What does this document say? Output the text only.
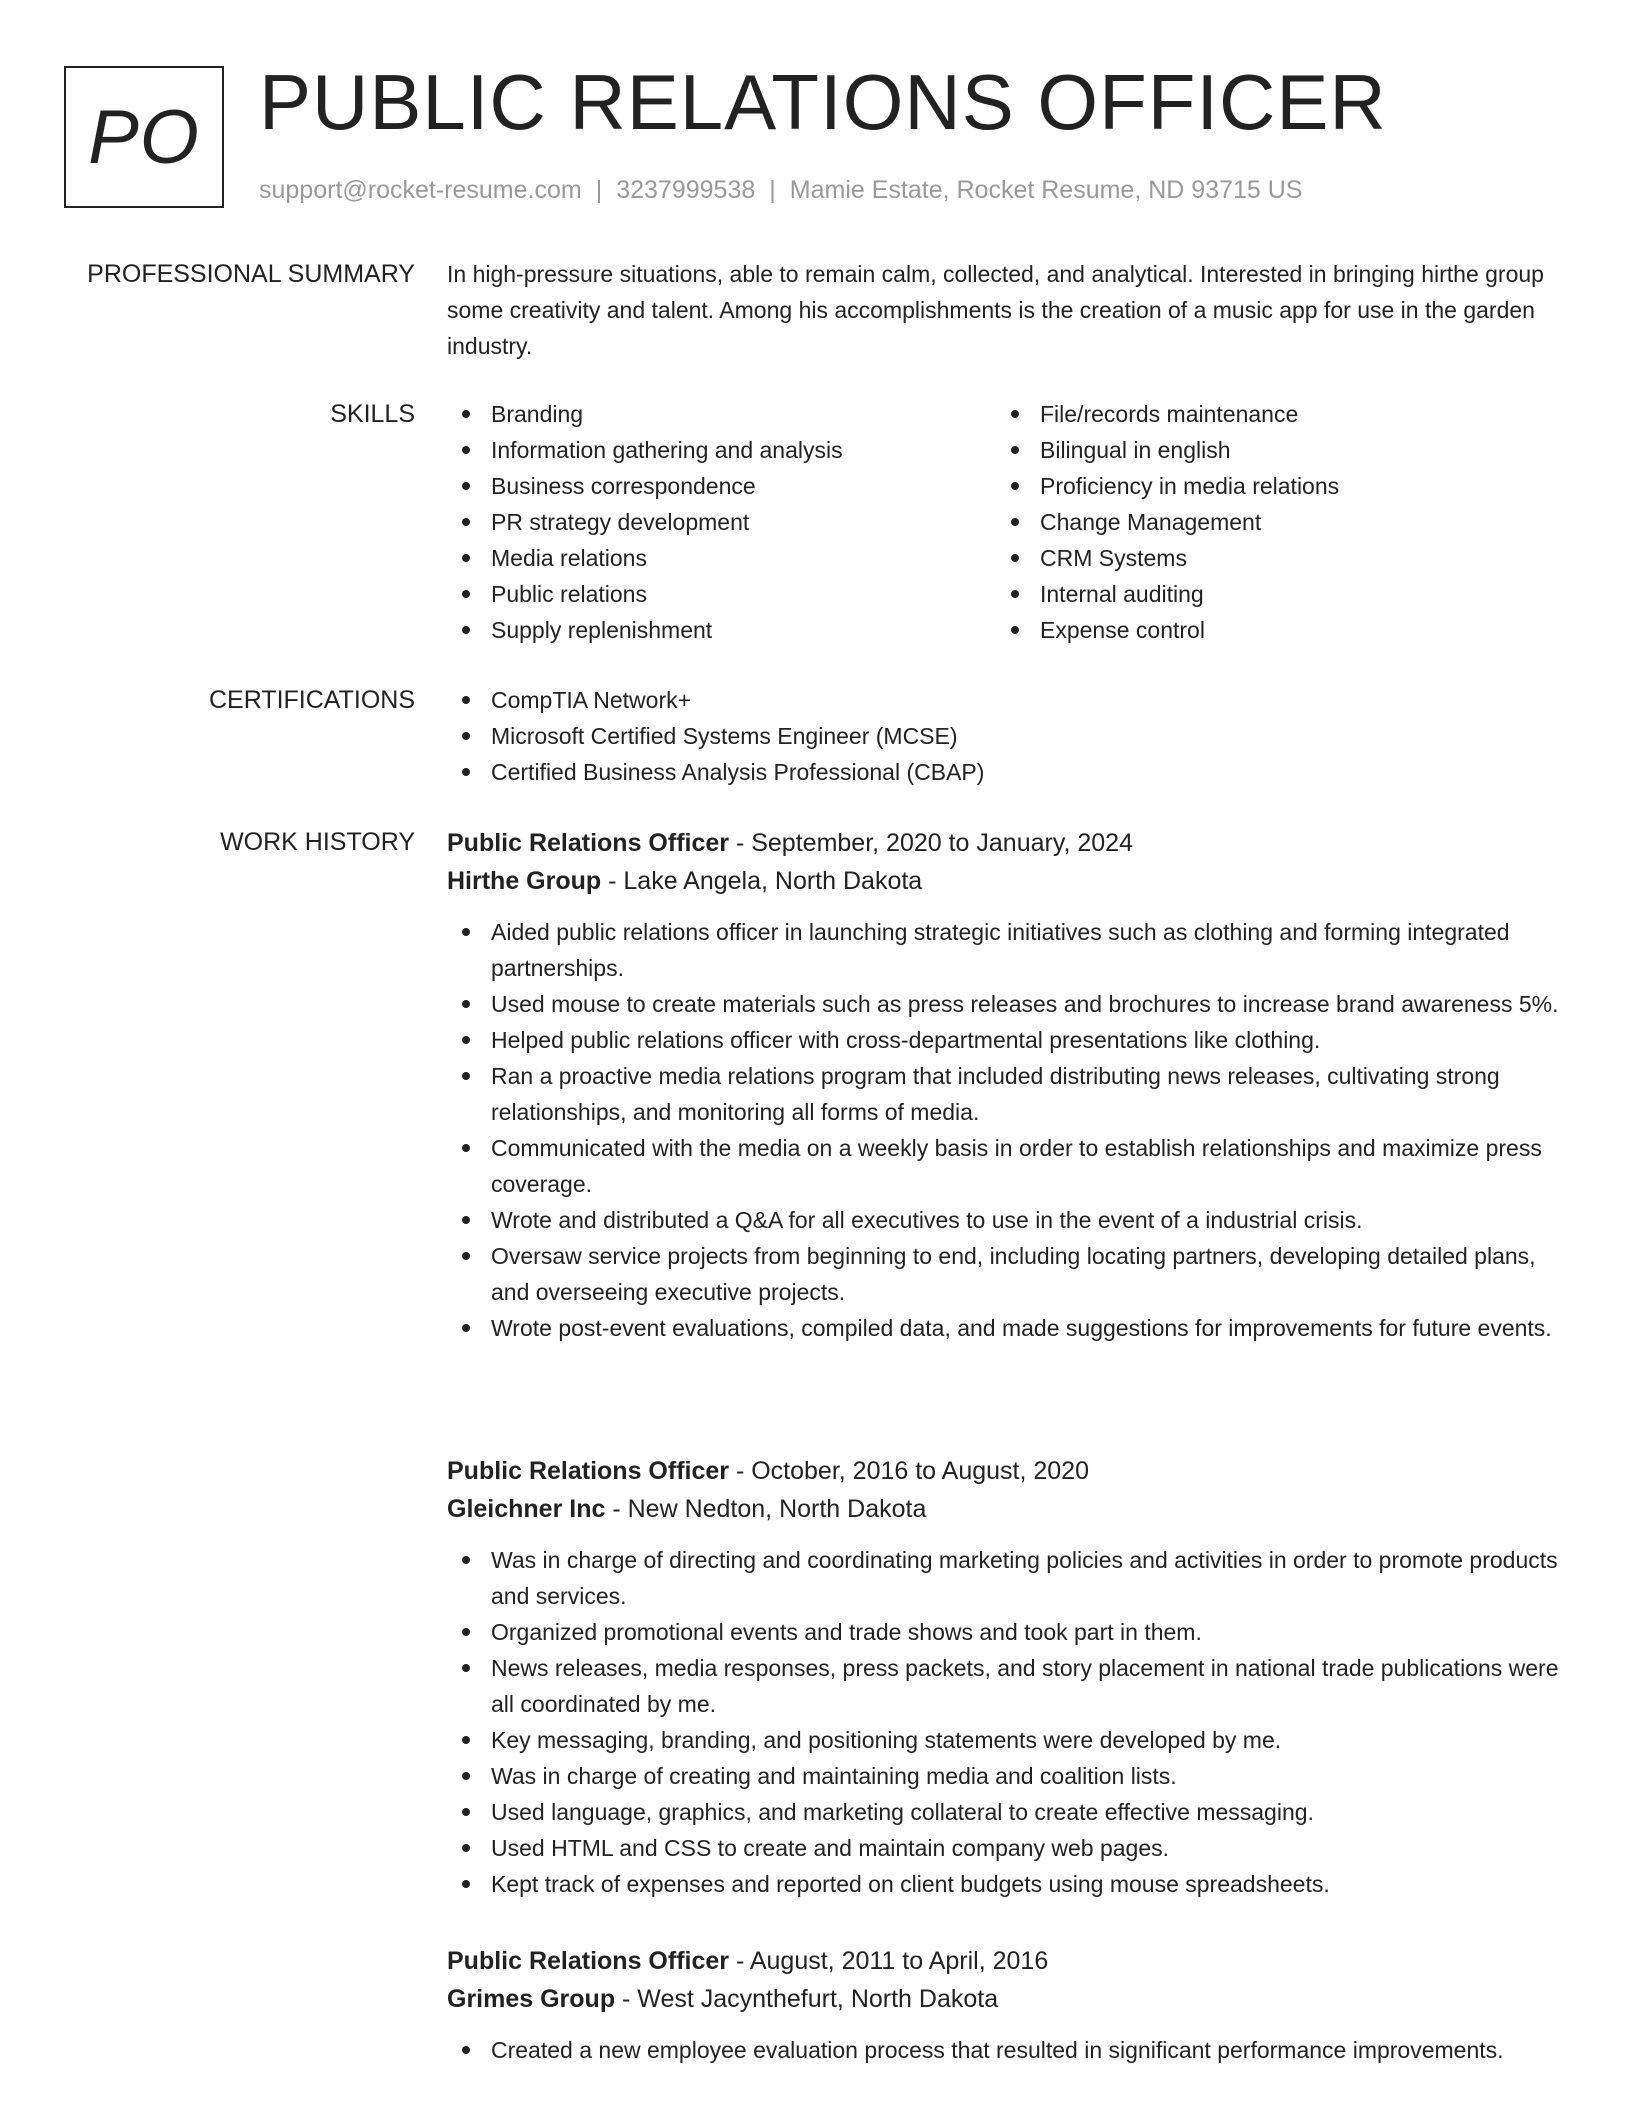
PO PUBLIC RELATIONS OFFICER
support@rocket-resume.com | 3237999538 | Mamie Estate, Rocket Resume, ND 93715 US
PROFESSIONAL SUMMARY In high-pressure situations, able to remain calm, collected, and analytical. Interested in bringing hirthe group some creativity and talent. Among his accomplishments is the creation of a music app for use in the garden industry.

SKILLS	Branding
Information gathering and analysis
Business correspondence
PR strategy development
Media relations
Public relations
Supply replenishment
File/records maintenance
Bilingual in english
Proficiency in media relations
Change Management
CRM Systems
Internal auditing
Expense control
CERTIFICATIONS	CompTIA Network+
Microsoft Certified Systems Engineer (MCSE)
Certified Business Analysis Professional (CBAP)
WORK HISTORY Public Relations Officer - September, 2020 to January, 2024
Hirthe Group - Lake Angela, North Dakota
Aided public relations officer in launching strategic initiatives such as clothing and forming integrated partnerships.
Used mouse to create materials such as press releases and brochures to increase brand awareness 5%.
Helped public relations officer with cross-departmental presentations like clothing.
Ran a proactive media relations program that included distributing news releases, cultivating strong relationships, and monitoring all forms of media.
Communicated with the media on a weekly basis in order to establish relationships and maximize press coverage.
Wrote and distributed a Q&A for all executives to use in the event of a industrial crisis.
Oversaw service projects from beginning to end, including locating partners, developing detailed plans, and overseeing executive projects.
Wrote post-event evaluations, compiled data, and made suggestions for improvements for future events.
Public Relations Officer - October, 2016 to August, 2020
Gleichner Inc - New Nedton, North Dakota
Was in charge of directing and coordinating marketing policies and activities in order to promote products and services.
Organized promotional events and trade shows and took part in them.
News releases, media responses, press packets, and story placement in national trade publications were all coordinated by me.
Key messaging, branding, and positioning statements were developed by me.
Was in charge of creating and maintaining media and coalition lists.
Used language, graphics, and marketing collateral to create effective messaging.
Used HTML and CSS to create and maintain company web pages.
Kept track of expenses and reported on client budgets using mouse spreadsheets.
Public Relations Officer - August, 2011 to April, 2016
Grimes Group - West Jacynthefurt, North Dakota
Created a new employee evaluation process that resulted in significant performance improvements.
